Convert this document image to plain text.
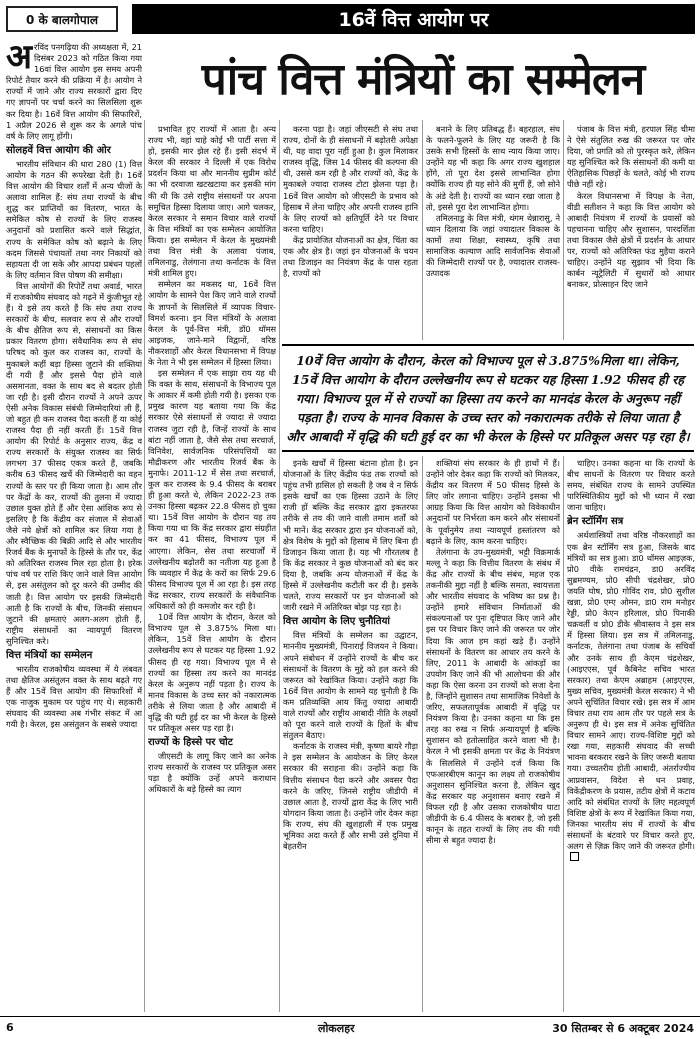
0 के बालगोपाल	16वें वित्त आयोग पर
पांच वित्त मंत्रियों का सम्मेलन
अ रविंद पनगढ़िया की अध्यक्षता में, 21 दिसंबर 2023 को गठित किया गया 16वां वित्त आयोग इस समय अपनी रिपोर्ट तैयार करने की प्रक्रिया में है। आयोग ने राज्यों में जाने और राज्य सरकारों द्वारा दिए गए ज्ञापनों पर चर्चा करने का सिलसिला शुरू कर दिया है। 16वें वित्त आयोग की सिफारिशें, 1 अप्रैल 2026 से शुरू कर के अगले पांच वर्ष के लिए लागू होंगी।

सोलहवें वित्त आयोग की ओर

भारतीय संविधान की धारा 280 (1) वित्त आयोग के गठन की रूपरेखा देती है। 16वें वित्त आयोग की विचार शर्तों में अन्य चीजों के अलावा शामिल हैं: संघ तथा राज्यों के बीच शुद्ध कर प्राप्तियों का वितरण, भारत के समेकित कोष से राज्यों के लिए राजस्व अनुदानों को प्रशासित करने वाले सिद्धांत, राज्य के समेकित कोष को बढ़ाने के लिए कदम जिससे पंचायतों तथा नगर निकायों को सहायता दी जा सके और आपदा प्रबंधन पहलों के लिए वर्तमान वित्त पोषण की समीक्षा।

वित्त आयोगों की रिपोर्टें तथा अवार्ड, भारत में राजकोषीय संघवाद को गढ़ने में कुंजीभूत रहे हैं। ये इसे तय करते हैं कि संघ तथा राज्य सरकारों के बीच, सलवार रूप से और राज्यों के बीच क्षैतिज रूप से, संसाधनों का किस प्रकार वितरण होगा। संवैधानिक रूप से संघ परिषद को कुल कर राजस्व का, राज्यों के मुकाबले कहीं बड़ा हिस्सा जुटाने की शक्तियां दी गयी हैं और इससे पैदा होने वाले असमानता, वक्त के साथ बद से बदतर होती जा रही है। इसी दौरान राज्यों ने अपने ऊपर ऐसी अनेक विकास संबंधी जिम्मेदारियां ली हैं, जो बहुत ही कम राजस्व पैदा करती हैं या कोई राजस्व पैदा ही नहीं करती हैं। 15वें वित्त आयोग की रिपोर्ट के अनुसार राज्य, केंद्र व राज्य सरकारों के संयुक्त राजस्व का सिर्फ लगभग 37 फीसद एकत्र करते हैं, जबकि करीब 63 फीसद खर्चे की जिम्मेदारी का वहन राज्यों के स्तर पर ही किया जाता है। आम तौर पर केंद्रों के कर, राज्यों की तुलना में ज्यादा उछाल युक्त होते हैं और ऐसा आंशिक रूप से इसलिए है कि केंद्रीय कर संजाल में सेवाओं जैसे नये क्षेत्रों को शामिल कर लिया गया है और स्वैच्छिक की बिक्री आदि से और भारतीय रिजर्व बैंक के मुनाफों के हिस्से के तौर पर, केंद्र को अतिरिक्त राजस्व मिल रहा होता है। हरेक पांच वर्ष पर राशि किए जाने वाले वित्त आयोग से, इस असंतुलन को दूर करने की उम्मीद की जाती है। वित्त आयोग पर इसकी जिम्मेदारी आती है कि राज्यों के बीच, जिनकी संसाधन जुटाने की क्षमताएं अलग-अलग होती हैं, राष्ट्रीय संसाधनों का न्यायपूर्ण वितरण सुनिश्चित करे।

वित्त मंत्रियों का सम्मेलन

भारतीय राजकोषीय व्यवस्था में ये लंबवत तथा क्षैतिज असंतुलन वक्त के साथ बढ़ते गए हैं और 15वें वित्त आयोग की सिफारिशों में एक नाजुक मुकाम पर पहुंच गए थे। सहकारी संघवाद की व्यवस्था अब गंभीर संकट में आ गयी है। केरल, इस असंतुलन के सबसे ज्यादा

प्रभावित हुए राज्यों में आता है। अन्य राज्य भी, वहां चाहे कोई भी पार्टी सत्ता में हो, इसकी मार झेल रहे हैं। इसी संदर्भ में केरल की सरकार ने दिल्ली में एक विरोध प्रदर्शन किया था और माननीय सुप्रीम कोर्ट का भी दरवाजा खटखटाया कर इसकी मांग की थी कि उसे राष्ट्रीय संसाधनों पर अपना समुचित हिस्सा दिलाया जाए। आगे चलकर, केरल सरकार ने समान विचार वाले राज्यों के वित्त मंत्रियों का एक सम्मेलन आयोजित किया। इस सम्मेलन में केरल के मुख्यमंत्री तथा वित्त मंत्री के अलावा पंजाब, तमिलनाडु, तेलंगाना तथा कर्नाटक के वित्त मंत्री शामिल हुए।

सम्मेलन का मकसद था, 16वें वित्त आयोग के सामने पेश किए जाने वाले राज्यों के ज्ञापनों के सिलसिले में व्यापक विचार-विमर्श करना। इन वित्त मंत्रियों के अलावा केरल के पूर्व-वित्त मंत्री, डॉ0 थॉमस आइजक, जाने-माने विद्वानों, वरिष्ठ नौकरशाहों और केरल विधानसभा में विपक्ष के नेता ने भी इस सम्मेलन में हिस्सा लिया।

इस सम्मेलन में एक साझा राय यह थी कि वक्त के साथ, संसाधनों के विभाज्य पूल के आकार में कमी होती गयी है। इसका एक प्रमुख कारण यह बताया गया कि केंद्र सरकार ऐसे संसाधनों से ज्यादा से ज्यादा राजस्व जुटा रही है, जिन्हें राज्यों के साथ बांटा नहीं जाता है, जैसे सेस तथा सरचार्ज, विनिवेश, सार्वजनिक परिसंपत्तियों का मौद्रीकरण और भारतीय रिजर्व बैंक के मुनाफे। 2011-12 में सेस तथा सरचार्ज, कुल कर राजस्व के 9.4 फीसद के बराबर ही हुआ करते थे, लेकिन 2022-23 तक उनका हिस्सा बढ़कर 22.8 फीसद हो चुका था। 15वें वित्त आयोग के दौरान यह तय किया गया था कि केंद्र सरकार द्वारा संग्रहीत कर का 41 फीसद, विभाज्य पूल में आएगा। लेकिन, सेस तथा सरचार्जों में उल्लेखनीय बढ़ोतरी का नतीजा यह हुआ है कि व्यवहार में केंद्र के करों का सिर्फ 29.6 फीसद विभाज्य पूल में आ रहा है। इस तरह केंद्र सरकार, राज्य सरकारों के संवैधानिक अधिकारों को ही कमजोर कर रही है।

10वें वित्त आयोग के दौरान, केरल को विभाज्य पूल से 3.875% मिला था। लेकिन, 15वें वित्त आयोग के दौरान उल्लेखनीय रूप से घटकर यह हिस्सा 1.92 फीसद ही रह गया। विभाज्य पूल में से राज्यों का हिस्सा तय करने का मानदंड केरल के अनुरूप नहीं पड़ता है। राज्य के मानव विकास के उच्च स्तर को नकारात्मक तरीके से लिया जाता है और आबादी में वृद्धि की घटी हुई दर का भी केरल के हिस्से पर प्रतिकूल असर पड़ रहा है।

राज्यों के हिस्से पर चोट

जीएसटी के लागू किए जाने का अनेक राज्य सरकारों के राजस्व पर प्रतिकूल असर पड़ा है क्योंकि उन्हें अपने कराधान अधिकारों के बड़े हिस्से का त्याग

करना पड़ा है। जहां जीएसटी से संघ तथा राज्य, दोनों के ही संसाधनों में बढ़ोतरी अपेक्षा थी, यह वादा पूरा नहीं हुआ है। कुल मिलाकर राजस्व वृद्धि, जिस 14 फीसद की कल्पना की थी, उससे कम रही है और राज्यों को, केंद्र के मुकाबले ज्यादा राजस्व टोटा झेलना पड़ा है। 16वें वित्त आयोग को जीएसटी के प्रभाव को हिसाब में लेना चाहिए और अपनी राजस्व हानि के लिए राज्यों को क्षतिपूर्ति देने पर विचार करना चाहिए।

केंद्र प्रायोजित योजनाओं का क्षेत्र, चिंता का एक और क्षेत्र है। जहां इन योजनाओं के चयन तथा डिजाइन का नियंत्रण केंद्र के पास रहता है, राज्यों को

बनाने के लिए प्रतिबद्ध हैं। बहरहाल, संघ के फलने-फूलने के लिए यह जरूरी है कि उसके सभी हिस्सों के साथ न्याय किया जाए। उन्होंने यह भी कहा कि अगर राज्य खुशहाल होंगे, तो पूरा देश इससे लाभान्वित होगा क्योंकि राज्य ही यह सोने की मुर्गी हैं, जो सोने के अंडे देती है। राज्यों का ध्यान रखा जाता है तो, इससे पूरा देश लाभान्वित होगा।

तमिलनाडु के वित्त मंत्री, थंगम थेन्नारासु, ने ध्यान दिलाया कि जहां ज्यादातर विकास के कामों तथा शिक्षा, स्वास्थ्य, कृषि तथा सामाजिक कल्याण आदि सार्वजनिक सेवाओं की जिम्मेदारी राज्यों पर है, ज्यादातर राजस्व-उत्पादक

पंजाब के वित्त मंत्री, हरपाल सिंह चीमा ने ऐसे संतुलित रुख की जरूरत पर जोर दिया, जो प्रगति को तो पुरस्कृत करे, लेकिन यह सुनिश्चित करे कि संसाधनों की कमी या ऐतिहासिक पिछड़ों के चलते, कोई भी राज्य पीछे नहीं रहे।

केरल विधानसभा में विपक्ष के नेता, वीडी सतीशन ने कहा कि वित्त आयोग को आबादी नियंत्रण में राज्यों के प्रयासों को पहचानना चाहिए और सुशासन, पारदर्शिता तथा विकास जैसे क्षेत्रों में प्रदर्शन के आधार पर, राज्यों को अतिरिक्त फंड मुहैया कराने चाहिए। उन्होंने यह सुझाव भी दिया कि कार्बन न्यूट्रैलिटी में सुधारों को आधार बनाकर, प्रोत्साहन दिए जाने

10वें वित्त आयोग के दौरान, केरल को विभाज्य पूल से 3.875%मिला था। लेकिन, 15वें वित्त आयोग के दौरान उल्लेखनीय रूप से घटकर यह हिस्सा 1.92 फीसद ही रह गया। विभाज्य पूल में से राज्यों का हिस्सा तय करने का मानदंड केरल के अनुरूप नहीं पड़ता है। राज्य के मानव विकास के उच्च स्तर को नकारात्मक तरीके से लिया जाता है और आबादी में वृद्धि की घटी हुई दर का भी केरल के हिस्से पर प्रतिकूल असर पड़ रहा है।

इनके खर्चों में हिस्सा बंटाना होता है। इन योजनाओं के लिए केंद्रीय फंड तक राज्यों को पहुंच तभी हासिल हो सकती है जब वे न सिर्फ इसके खर्चों का एक हिस्सा उठाने के लिए राजी हों बल्कि केंद्र सरकार द्वारा इकतरफा तरीके से तय की जाने वाली तमाम शर्तों को भी मानें। केंद्र सरकार द्वारा इन योजनाओं को, क्षेत्र विशेष के मुद्दों को हिसाब में लिए बिना ही डिजाइन किया जाता है। यह भी गौरतलब है कि केंद्र सरकार ने कुछ योजनाओं को बंद कर दिया है, जबकि अन्य योजनाओं में केंद्र के हिस्से में उल्लेखनीय कटौती कर दी है। इसके चलते, राज्य सरकारों पर इन योजनाओं को जारी रखने में अतिरिक्त बोझ पड़ रहा है।

वित्त आयोग के लिए चुनौतियां

वित्त मंत्रियों के सम्मेलन का उद्घाटन, माननीय मुख्यमंत्री, पिनाराई विजयन ने किया। अपने संबोधन में उन्होंने राज्यों के बीच कर संसाधनों के वितरण के मुद्दे को हल करने की जरूरत को रेखांकित किया। उन्होंने कहा कि 16वें वित्त आयोग के सामने यह चुनौती है कि कम प्रतिव्यक्ति आय किंतु ज्यादा आबादी वाले राज्यों और राष्ट्रीय आबादी नीति के लक्ष्यों को पूरा करने वाले राज्यों के हितों के बीच संतुलन बैठाए।

कर्नाटक के राजस्व मंत्री, कृष्णा बायरे गौड़ा ने इस सम्मेलन के आयोजन के लिए केरल सरकार की सराहना की। उन्होंने कहा कि वित्तीय संसाधन पैदा करने और अवसर पैदा करने के जरिए, जिनसे राष्ट्रीय जीडीपी में उछाल आता है, राज्यों द्वारा केंद्र के लिए भारी योगदान किया जाता है। उन्होंने जोर देकर कहा कि राज्य, संघ की खुशहाली में एक प्रमुख भूमिका अदा करते हैं और सभी उसे दुनिया में बेहतरीन

शक्तियां संघ सरकार के ही हाथों में हैं। उन्होंने जोर देकर कहा कि राज्यों को मिलकर, केंद्रीय कर वितरण में 50 फीसद हिस्से के लिए जोर लगाना चाहिए। उन्होंने इसका भी आग्रह किया कि वित्त आयोग को विवेकाधीन अनुदानों पर निर्भरता कम करने और संसाधनों के पूर्वानुमेय तथा न्यायपूर्ण हस्तांतरण को बढ़ाने के लिए, काम करना चाहिए।

तेलंगाना के उप-मुख्यमंत्री, भट्टी विक्रमार्क मल्लू ने कहा कि वित्तीय वितरण के संबंध में केंद्र और राज्यों के बीच संबंध, महज एक तकनीकी मुद्दा नहीं है बल्कि समता, स्वायत्तता और भारतीय संघवाद के भविष्य का प्रश्न है। उन्होंने हमारे संविधान निर्माताओं की संकल्पनाओं पर पुनः दृष्टिपात किए जाने और इस पर विचार किए जाने की जरूरत पर जोर दिया कि आज हम कहां खड़े हैं। उन्होंने संसाधनों के वितरण का आधार तय करने के लिए, 2011 के आबादी के आंकड़ों का उपयोग किए जाने की भी आलोचना की और कहा कि ऐसा करना उन राज्यों को सजा देना है, जिन्होंने सुशासन तथा सामाजिक निवेशों के जरिए, सफलतापूर्वक आबादी में वृद्धि पर नियंत्रण किया है। उनका कहना था कि इस तरह का रुख न सिर्फ अन्यायपूर्ण है बल्कि सुशासन को हतोत्साहित करने वाला भी है। केरल ने भी इसकी क्षमता पर केंद्र के नियंत्रण के सिलसिले में उन्होंने दर्ज किया कि एफआरबीएम कानून का लक्ष्य तो राजकोषीय अनुशासन सुनिश्चित करना है, लेकिन खुद केंद्र सरकार यह अनुशासन बनाए रखने में विफल रही है और उसका राजकोषीय घाटा जीडीपी के 6.4 फीसद के बराबर है, जो इसी कानून के तहत राज्यों के लिए तय की गयी सीमा से बहुत ज्यादा है।

चाहिए। उनका कहना था कि राज्यों के बीच साधनों के वितरण पर विचार करते समय, संबंधित राज्य के सामने उपस्थित पारिस्थितिकीय मुद्दों को भी ध्यान में रखा जाना चाहिए।

ब्रेन स्टॉर्मिंग सत्र

अर्थशास्त्रियों तथा वरिष्ठ नौकरशाहों का एक ब्रेन स्टॉर्मिंग सत्र हुआ, जिसके बाद मंत्रियों का सत्र हुआ। डा0 थॉमस आइज़क, प्रो0 वीके रामचंद्रन, डा0 अरविंद सुब्रमण्यम, प्रो0 सीपी चंद्रशेखर, प्रो0 जयति घोष, प्रो0 गोविंद राव, प्रो0 सुशील खन्ना, प्रो0 एम्‍ए ओमन, डा0 राम मनोहर रेड्डी, प्रो0 केएन हरिलाल, प्रो0 पिनाकी चक्रवर्ती व प्रो0 डीके श्रीवास्तव ने इस सत्र में हिस्सा लिया। इस सत्र में तमिलनाडु, कर्नाटक, तेलंगाना तथा पंजाब के सचिवों और उनके साथ ही केएम चंद्रशेखर, (आइएएस, पूर्व कैबिनेट सचिव भारत सरकार) तथा केएम अब्राहम (आइएएस, मुख्य सचिव, मुख्यमंत्री केरल सरकार) ने भी अपने सुचिंतित विचार रखे। इस सत्र में आम विचार तथा राय आम तौर पर पहले सत्र के अनुरूप ही थे। इस सत्र में अनेक सुचिंतित विचार सामने आए। राज्य-विशिष्ट मुद्दों को रखा गया, सहकारी संघवाद की सच्ची भावना बरकरार रखने के लिए जरूरी बताया गया। उच्चतरीय होती आबादी, अंतर्राज्यीय आप्रवासन, विदेश से धन प्रवाह, विकेंद्रीकरण के प्रयास, तटीय क्षेत्रों में कटाव आदि को संबंधित राज्यों के लिए महत्वपूर्ण विशिष्ट क्षेत्रों के रूप में रेखांकित किया गया, जिनका भारतीय संघ में राज्यों के बीच संसाधनों के बंटवारे पर विचार करते हुए, अलग से ज़िक्र किए जाने की जरूरत होगी।

6	लोकलहर	30 सितम्बर से 6 अक्टूबर 2024
